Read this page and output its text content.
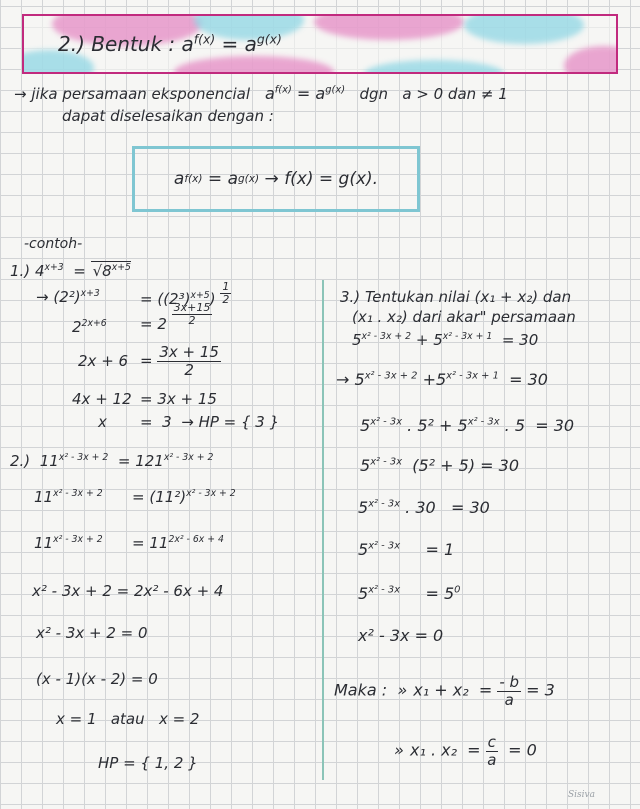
2.) Bentuk : $a^{f(x)} = a^{g(x)}$
→ jika persamaan eksponencial $a^{f(x)} = a^{g(x)}$ dgn a > 0 dan ≠ 1
dapat diselesaikan dengan :
a f(x) = a g(x)
→
f(x) = g(x).
-contoh-
1.) $4^{x+3} = √8^{x+5}$
→ $(2^2)^{x+3}$	= $((2^3)^{x+5}) \frac{1}{2}$
$2^{2x+6} = 2 \frac{3x+15}{2}$
$2x + 6 = \frac{3x + 15}{2}$
4x + 12 = 3x + 15
x =  3 → HP = { 3 }
2.) $11^{x^2 - 3x + 2} = 121^{x^2 - 3x + 2}$
$11^{x^2 - 3x + 2} = (11^2)^{x^2 - 3x + 2}$
$11^{x^2 - 3x + 2} = 11^{2x^2 - 6x + 4}$
x² - 3x + 2 = 2x² - 6x + 4
x² - 3x + 2 = 0
(x - 1)(x - 2) = 0
x = 1 atau x = 2
HP = { 1, 2 }
3.) Tentukan nilai (x₁ + x₂) dan
(x₁ . x₂) dari akar" persamaan
$5^{x^2 - 3x + 2} + 5^{x^2 - 3x + 1} = 30$
→ $5^{x^2 - 3x + 2} +5^{x^2 - 3x + 1} = 30$
$5^{x^2 - 3x}$ . $5^2 + 5^{x^2 - 3x}$ . 5 = 30
$5^{x^2 - 3x}$ (5² + 5) = 30
$5^{x^2 - 3x}$ . 30 = 30
$5^{x^2 - 3x} = 1$
$5^{x^2 - 3x} = 5^0$
x² - 3x = 0
Maka : » $x_1 + x_2 = \frac{- b}{a} = 3$
» x₁ . $x_2 = \frac{c}{a} = 0$
Sisiva
